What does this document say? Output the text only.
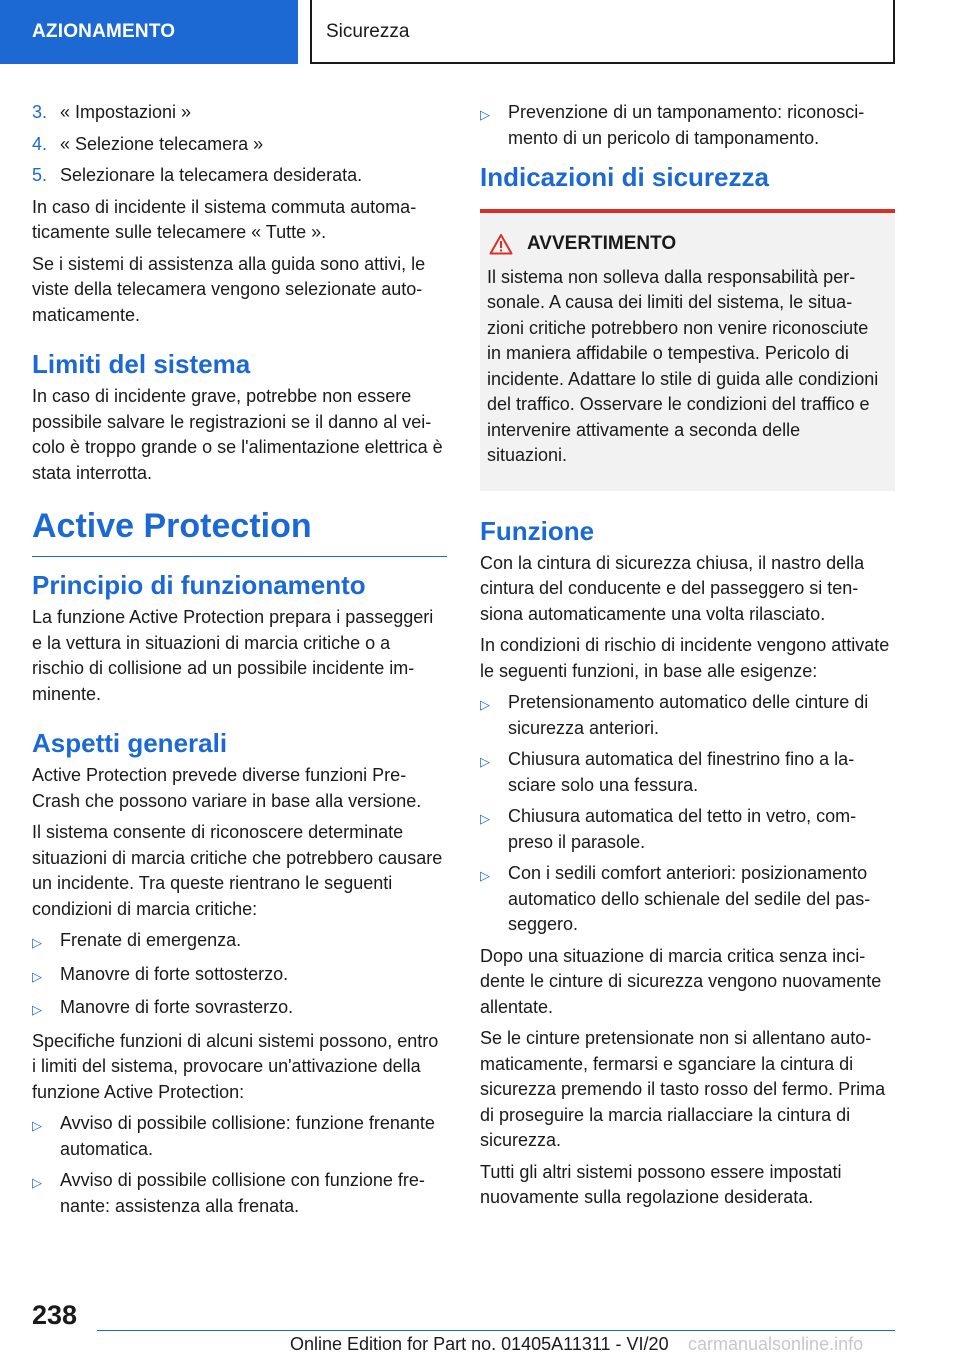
AZIONAMENTO	Sicurezza
3. « Impostazioni »
4. « Selezione telecamera »
5. Selezionare la telecamera desiderata.

In caso di incidente il sistema commuta automaticamente sulle telecamere « Tutte ».

Se i sistemi di assistenza alla guida sono attivi, le viste della telecamera vengono selezionate automaticamente.

Limiti del sistema

In caso di incidente grave, potrebbe non essere possibile salvare le registrazioni se il danno al veicolo è troppo grande o se l'alimentazione elettrica è stata interrotta.

Active Protection
Principio di funzionamento

La funzione Active Protection prepara i passeggeri e la vettura in situazioni di marcia critiche o a rischio di collisione ad un possibile incidente imminente.

Aspetti generali

Active Protection prevede diverse funzioni Pre-Crash che possono variare in base alla versione.

Il sistema consente di riconoscere determinate situazioni di marcia critiche che potrebbero causare un incidente. Tra queste rientrano le seguenti condizioni di marcia critiche:

▷	Frenate di emergenza.
▷	Manovre di forte sottosterzo.
▷	Manovre di forte sovrasterzo.

Specifiche funzioni di alcuni sistemi possono, entro i limiti del sistema, provocare un'attivazione della funzione Active Protection:

▷	Avviso di possibile collisione: funzione frenante automatica.
▷	Avviso di possibile collisione con funzione frenante: assistenza alla frenata.
▷	Prevenzione di un tamponamento: riconoscimento di un pericolo di tamponamento.
Indicazioni di sicurezza
AVVERTIMENTO
Il sistema non solleva dalla responsabilità personale. A causa dei limiti del sistema, le situazioni critiche potrebbero non venire riconosciute in maniera affidabile o tempestiva. Pericolo di incidente. Adattare lo stile di guida alle condizioni del traffico. Osservare le condizioni del traffico e intervenire attivamente a seconda delle situazioni.
Funzione

Con la cintura di sicurezza chiusa, il nastro della cintura del conducente e del passeggero si tensiona automaticamente una volta rilasciato.

In condizioni di rischio di incidente vengono attivate le seguenti funzioni, in base alle esigenze:

▷	Pretensionamento automatico delle cinture di sicurezza anteriori.
▷	Chiusura automatica del finestrino fino a lasciare solo una fessura.
▷	Chiusura automatica del tetto in vetro, compreso il parasole.
▷	Con i sedili comfort anteriori: posizionamento automatico dello schienale del sedile del passeggero.

Dopo una situazione di marcia critica senza incidente le cinture di sicurezza vengono nuovamente allentate.

Se le cinture pretensionate non si allentano automaticamente, fermarsi e sganciare la cintura di sicurezza premendo il tasto rosso del fermo. Prima di proseguire la marcia riallacciare la cintura di sicurezza.

Tutti gli altri sistemi possono essere impostati nuovamente sulla regolazione desiderata.

238
Online Edition for Part no. 01405A11311 - VI/20 carmanualsonline.info
